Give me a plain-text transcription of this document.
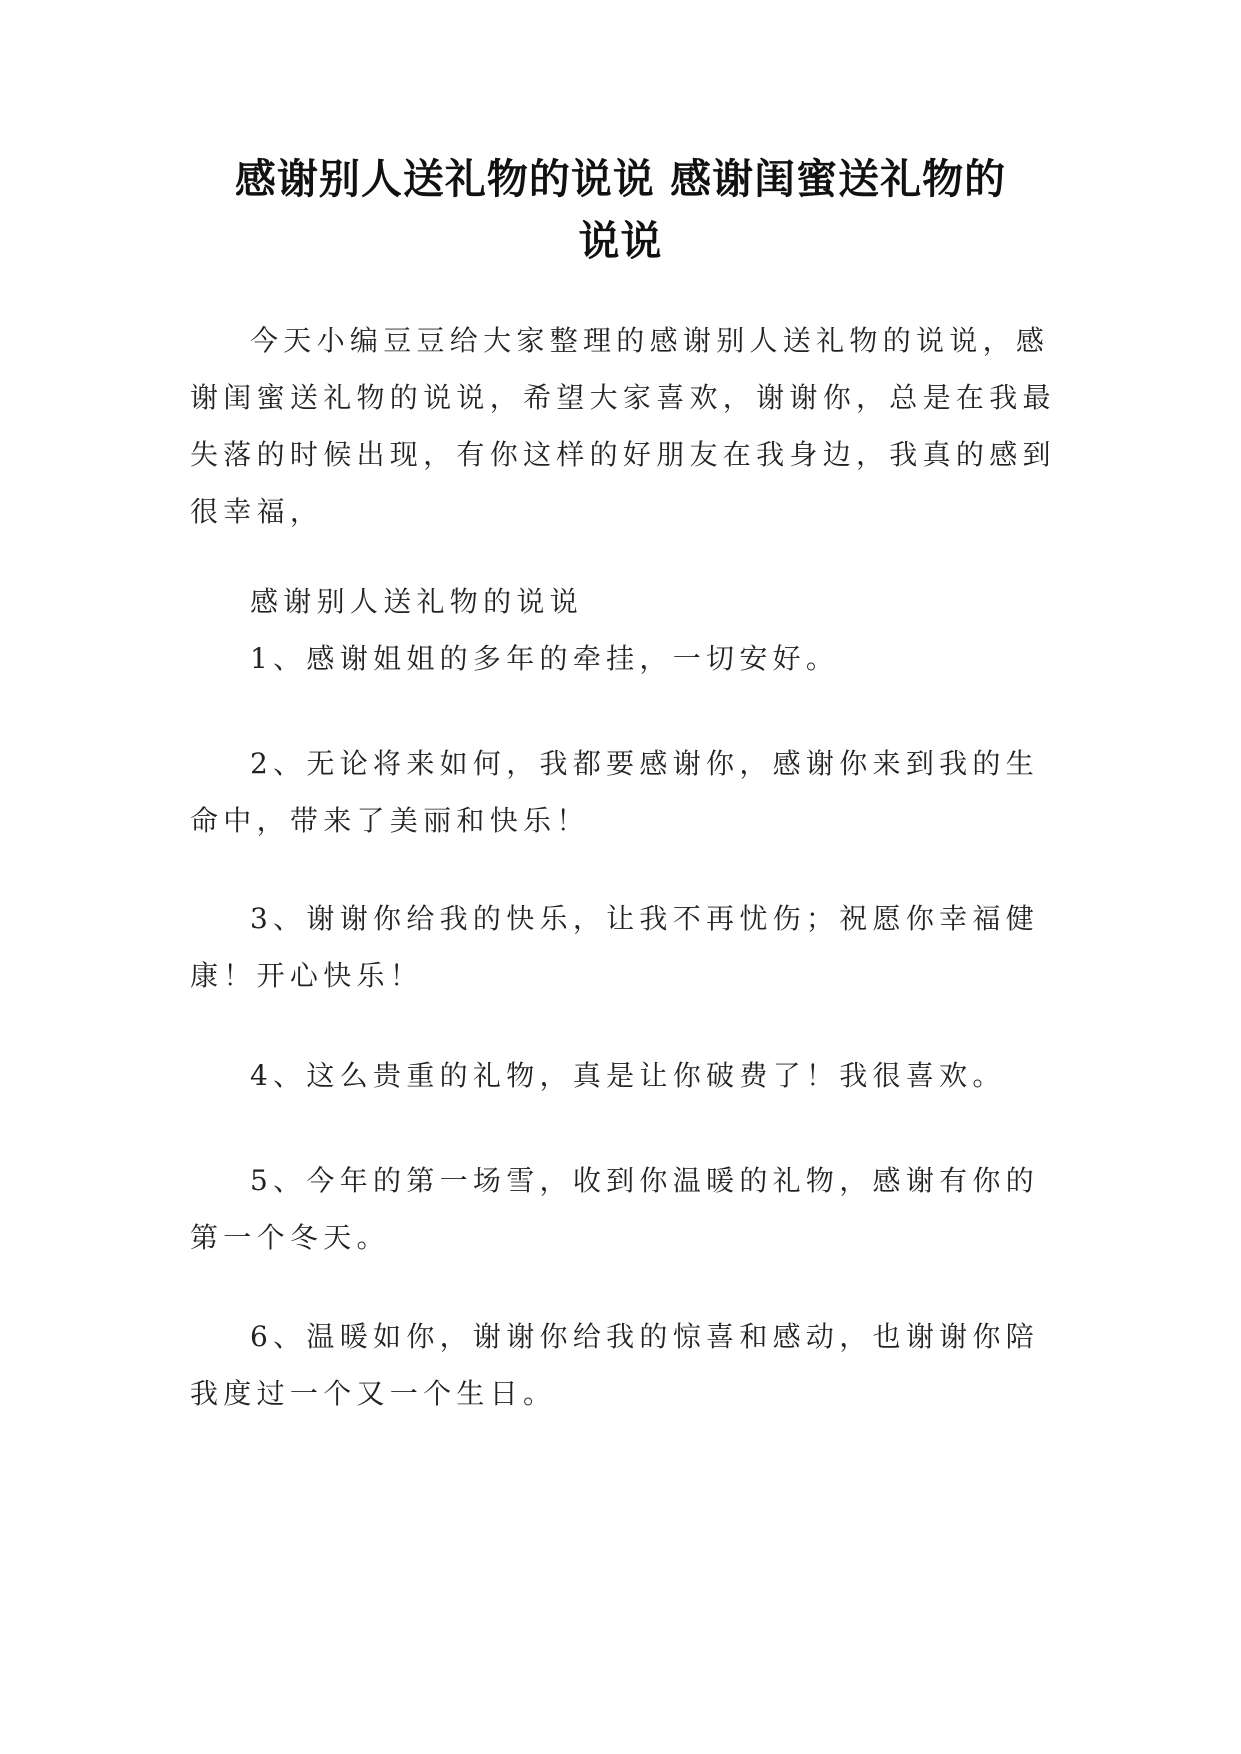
感谢别人送礼物的说说 感谢闺蜜送礼物的
说说
今天小编豆豆给大家整理的感谢别人送礼物的说说，感
谢闺蜜送礼物的说说，希望大家喜欢，谢谢你，总是在我最
失落的时候出现，有你这样的好朋友在我身边，我真的感到
很幸福，
感谢别人送礼物的说说
1、感谢姐姐的多年的牵挂，一切安好。
2、无论将来如何，我都要感谢你，感谢你来到我的生
命中，带来了美丽和快乐！
3、谢谢你给我的快乐，让我不再忧伤；祝愿你幸福健
康！开心快乐！
4、这么贵重的礼物，真是让你破费了！我很喜欢。
5、今年的第一场雪，收到你温暖的礼物，感谢有你的
第一个冬天。
6、温暖如你，谢谢你给我的惊喜和感动，也谢谢你陪
我度过一个又一个生日。
